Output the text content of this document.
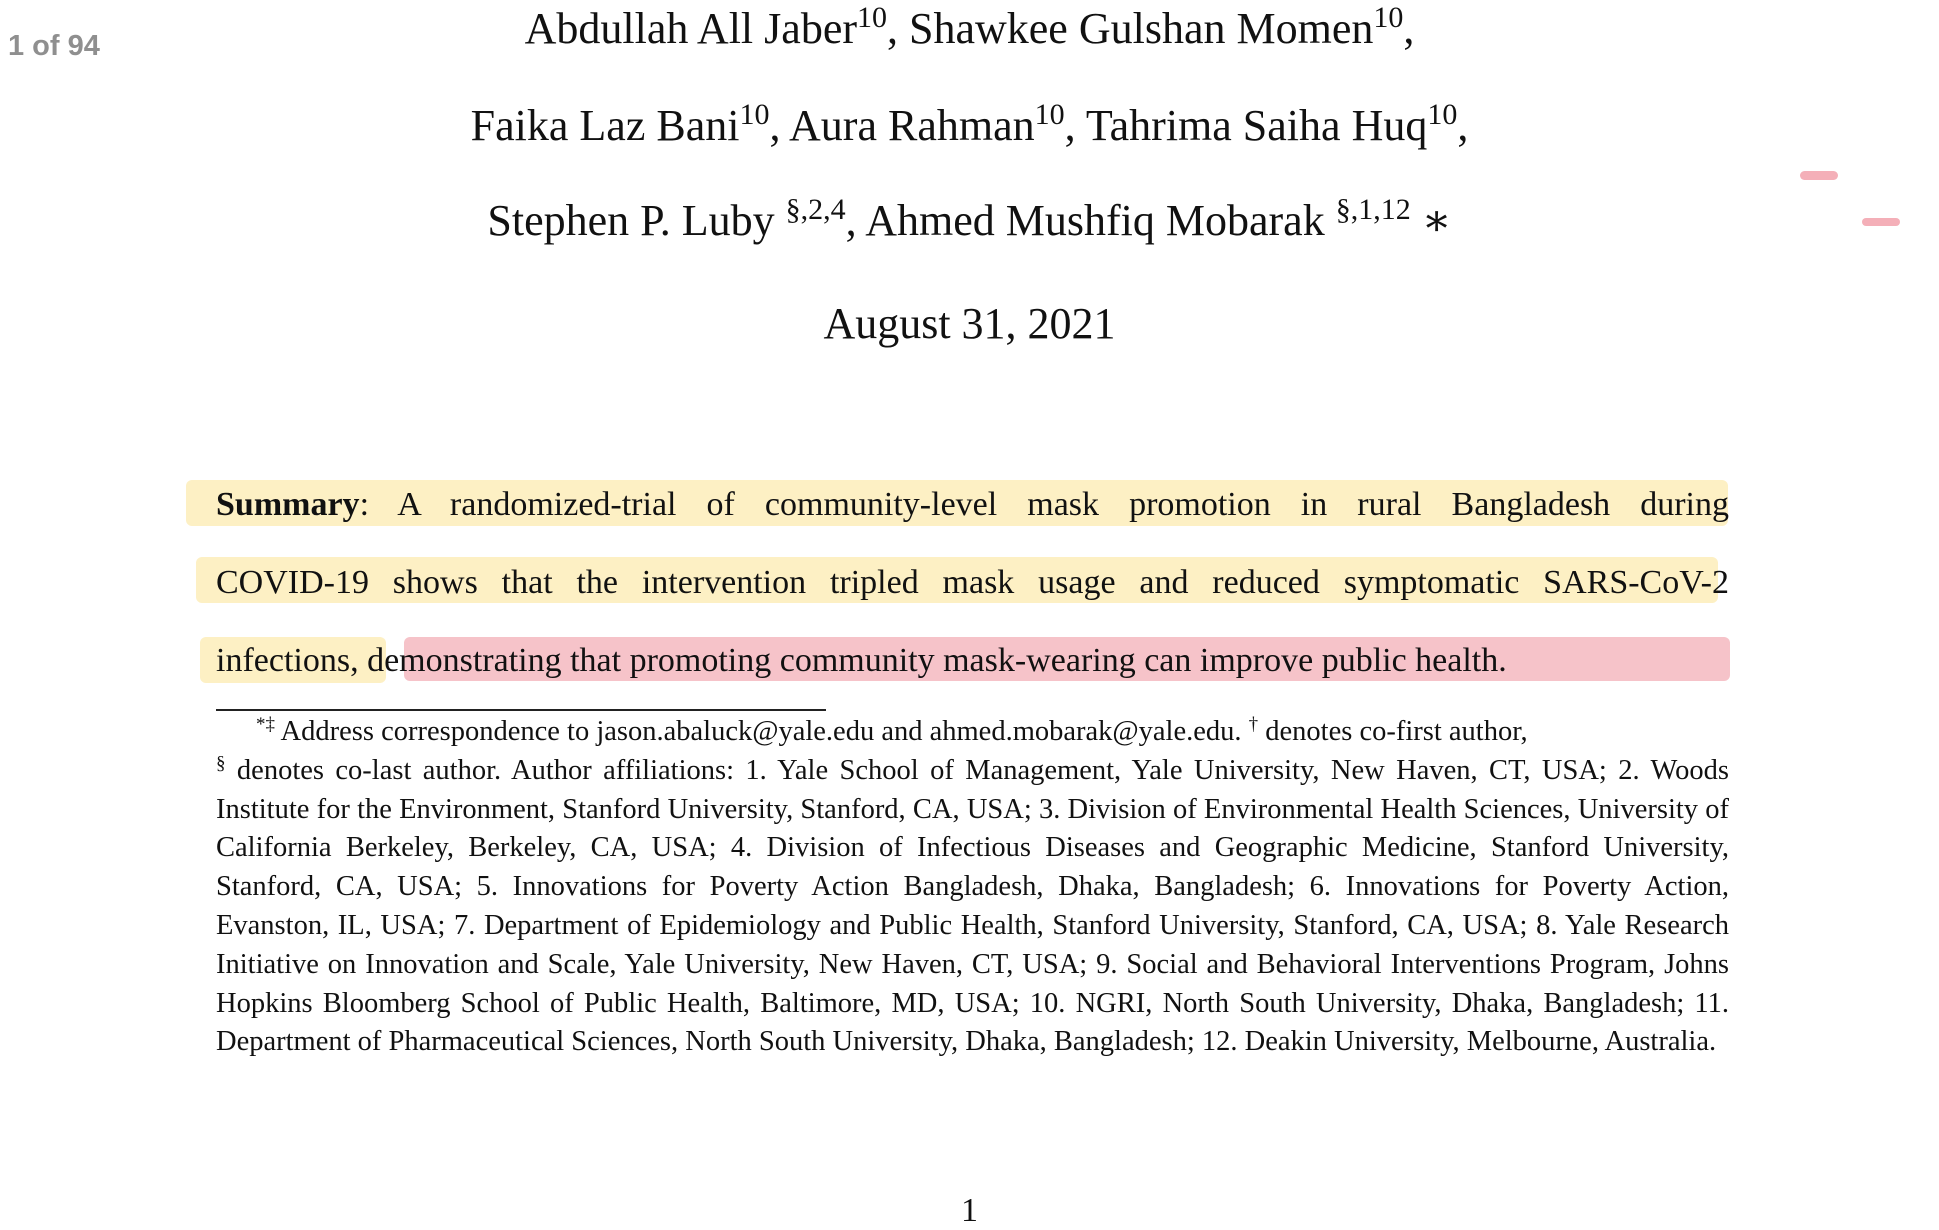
1 of 94	Abdullah All Jaber$^{10}$, Shawkee Gulshan Momen$^{10}$,
Faika Laz Bani$^{10}$, Aura Rahman$^{10}$, Tahrima Saiha Huq$^{10}$,
Stephen P. Luby $^{\S,2,4}$, Ahmed Mushfiq Mobarak $^{\S,1,12}$ ∗
August 31, 2021
Summary: A randomized-trial of community-level mask promotion in rural Bangladesh during
COVID-19 shows that the intervention tripled mask usage and reduced symptomatic SARS-CoV-2
infections, demonstrating that promoting community mask-wearing can improve public health.
*‡ Address correspondence to jason.abaluck@yale.edu and ahmed.mobarak@yale.edu. † denotes co-first author,
§ denotes co-last author. Author affiliations: 1. Yale School of Management, Yale University, New Haven, CT, USA; 2. Woods Institute for the Environment, Stanford University, Stanford, CA, USA; 3. Division of Environmental Health Sciences, University of California Berkeley, Berkeley, CA, USA; 4. Division of Infectious Diseases and Geographic Medicine, Stanford University, Stanford, CA, USA; 5. Innovations for Poverty Action Bangladesh, Dhaka, Bangladesh; 6. Innovations for Poverty Action, Evanston, IL, USA; 7. Department of Epidemiology and Public Health, Stanford University, Stanford, CA, USA; 8. Yale Research Initiative on Innovation and Scale, Yale University, New Haven, CT, USA; 9. Social and Behavioral Interventions Program, Johns Hopkins Bloomberg School of Public Health, Baltimore, MD, USA; 10. NGRI, North South University, Dhaka, Bangladesh; 11. Department of Pharmaceutical Sciences, North South University, Dhaka, Bangladesh; 12. Deakin University, Melbourne, Australia.
1
